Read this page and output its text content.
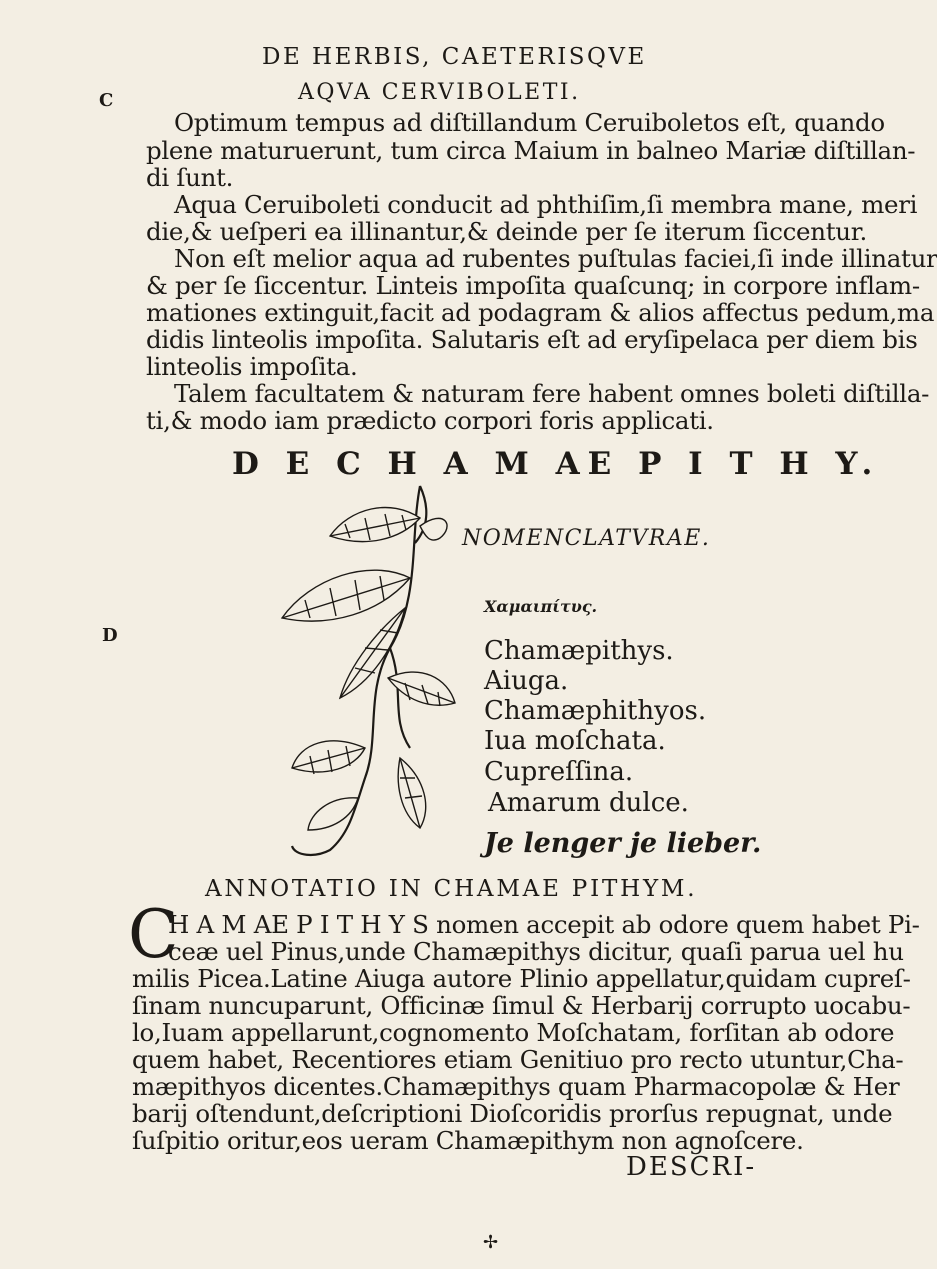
DE HERBIS, CAETERISQVE
C	AQVA CERVIBOLETI.
Optimum tempus ad diſtillandum Ceruiboletos eſt, quando
plene maturuerunt, tum circa Maium in balneo Mariæ diſtillan-
di ſunt.
Aqua Ceruiboleti conducit ad phthiſim,ſi membra mane, meri
die,& ueſperi ea illinantur,& deinde per ſe iterum ſiccentur.
Non eſt melior aqua ad rubentes puſtulas faciei,ſi inde illinatur
& per ſe ſiccentur. Linteis impoſita quaſcunq; in corpore inflam-
mationes extinguit,facit ad podagram & alios affectus pedum,ma
didis linteolis impoſita. Salutaris eſt ad eryſipelaca per diem bis
linteolis impoſita.
Talem facultatem & naturam fere habent omnes boleti diſtilla-
ti,& modo iam prædicto corpori foris applicati.
D E C H A M AE P I T H Y.
D
NOMENCLATVRAE.
Χαμαιπίτυς.
Chamæpithys.
Aiuga.
Chamæphithyos.
Iua moſchata.
Cupreſſina.
Amarum dulce.
Je lenger je lieber.
ANNOTATIO IN CHAMAE PITHYM.
C
H A M AE P I T H Y S nomen accepit ab odore quem habet Pi-
ceæ uel Pinus,unde Chamæpithys dicitur, quaſi parua uel hu
milis Picea.Latine Aiuga autore Plinio appellatur,quidam cupreſ-
ſinam nuncuparunt, Officinæ ſimul & Herbarij corrupto uocabu-
lo,Iuam appellarunt,cognomento Moſchatam, forſitan ab odore
quem habet, Recentiores etiam Genitiuo pro recto utuntur,Cha-
mæpithyos dicentes.Chamæpithys quam Pharmacopolæ & Her
barij oſtendunt,deſcriptioni Dioſcoridis prorſus repugnat, unde
ſuſpitio oritur,eos ueram Chamæpithym non agnoſcere.
DESCRI-
✢
